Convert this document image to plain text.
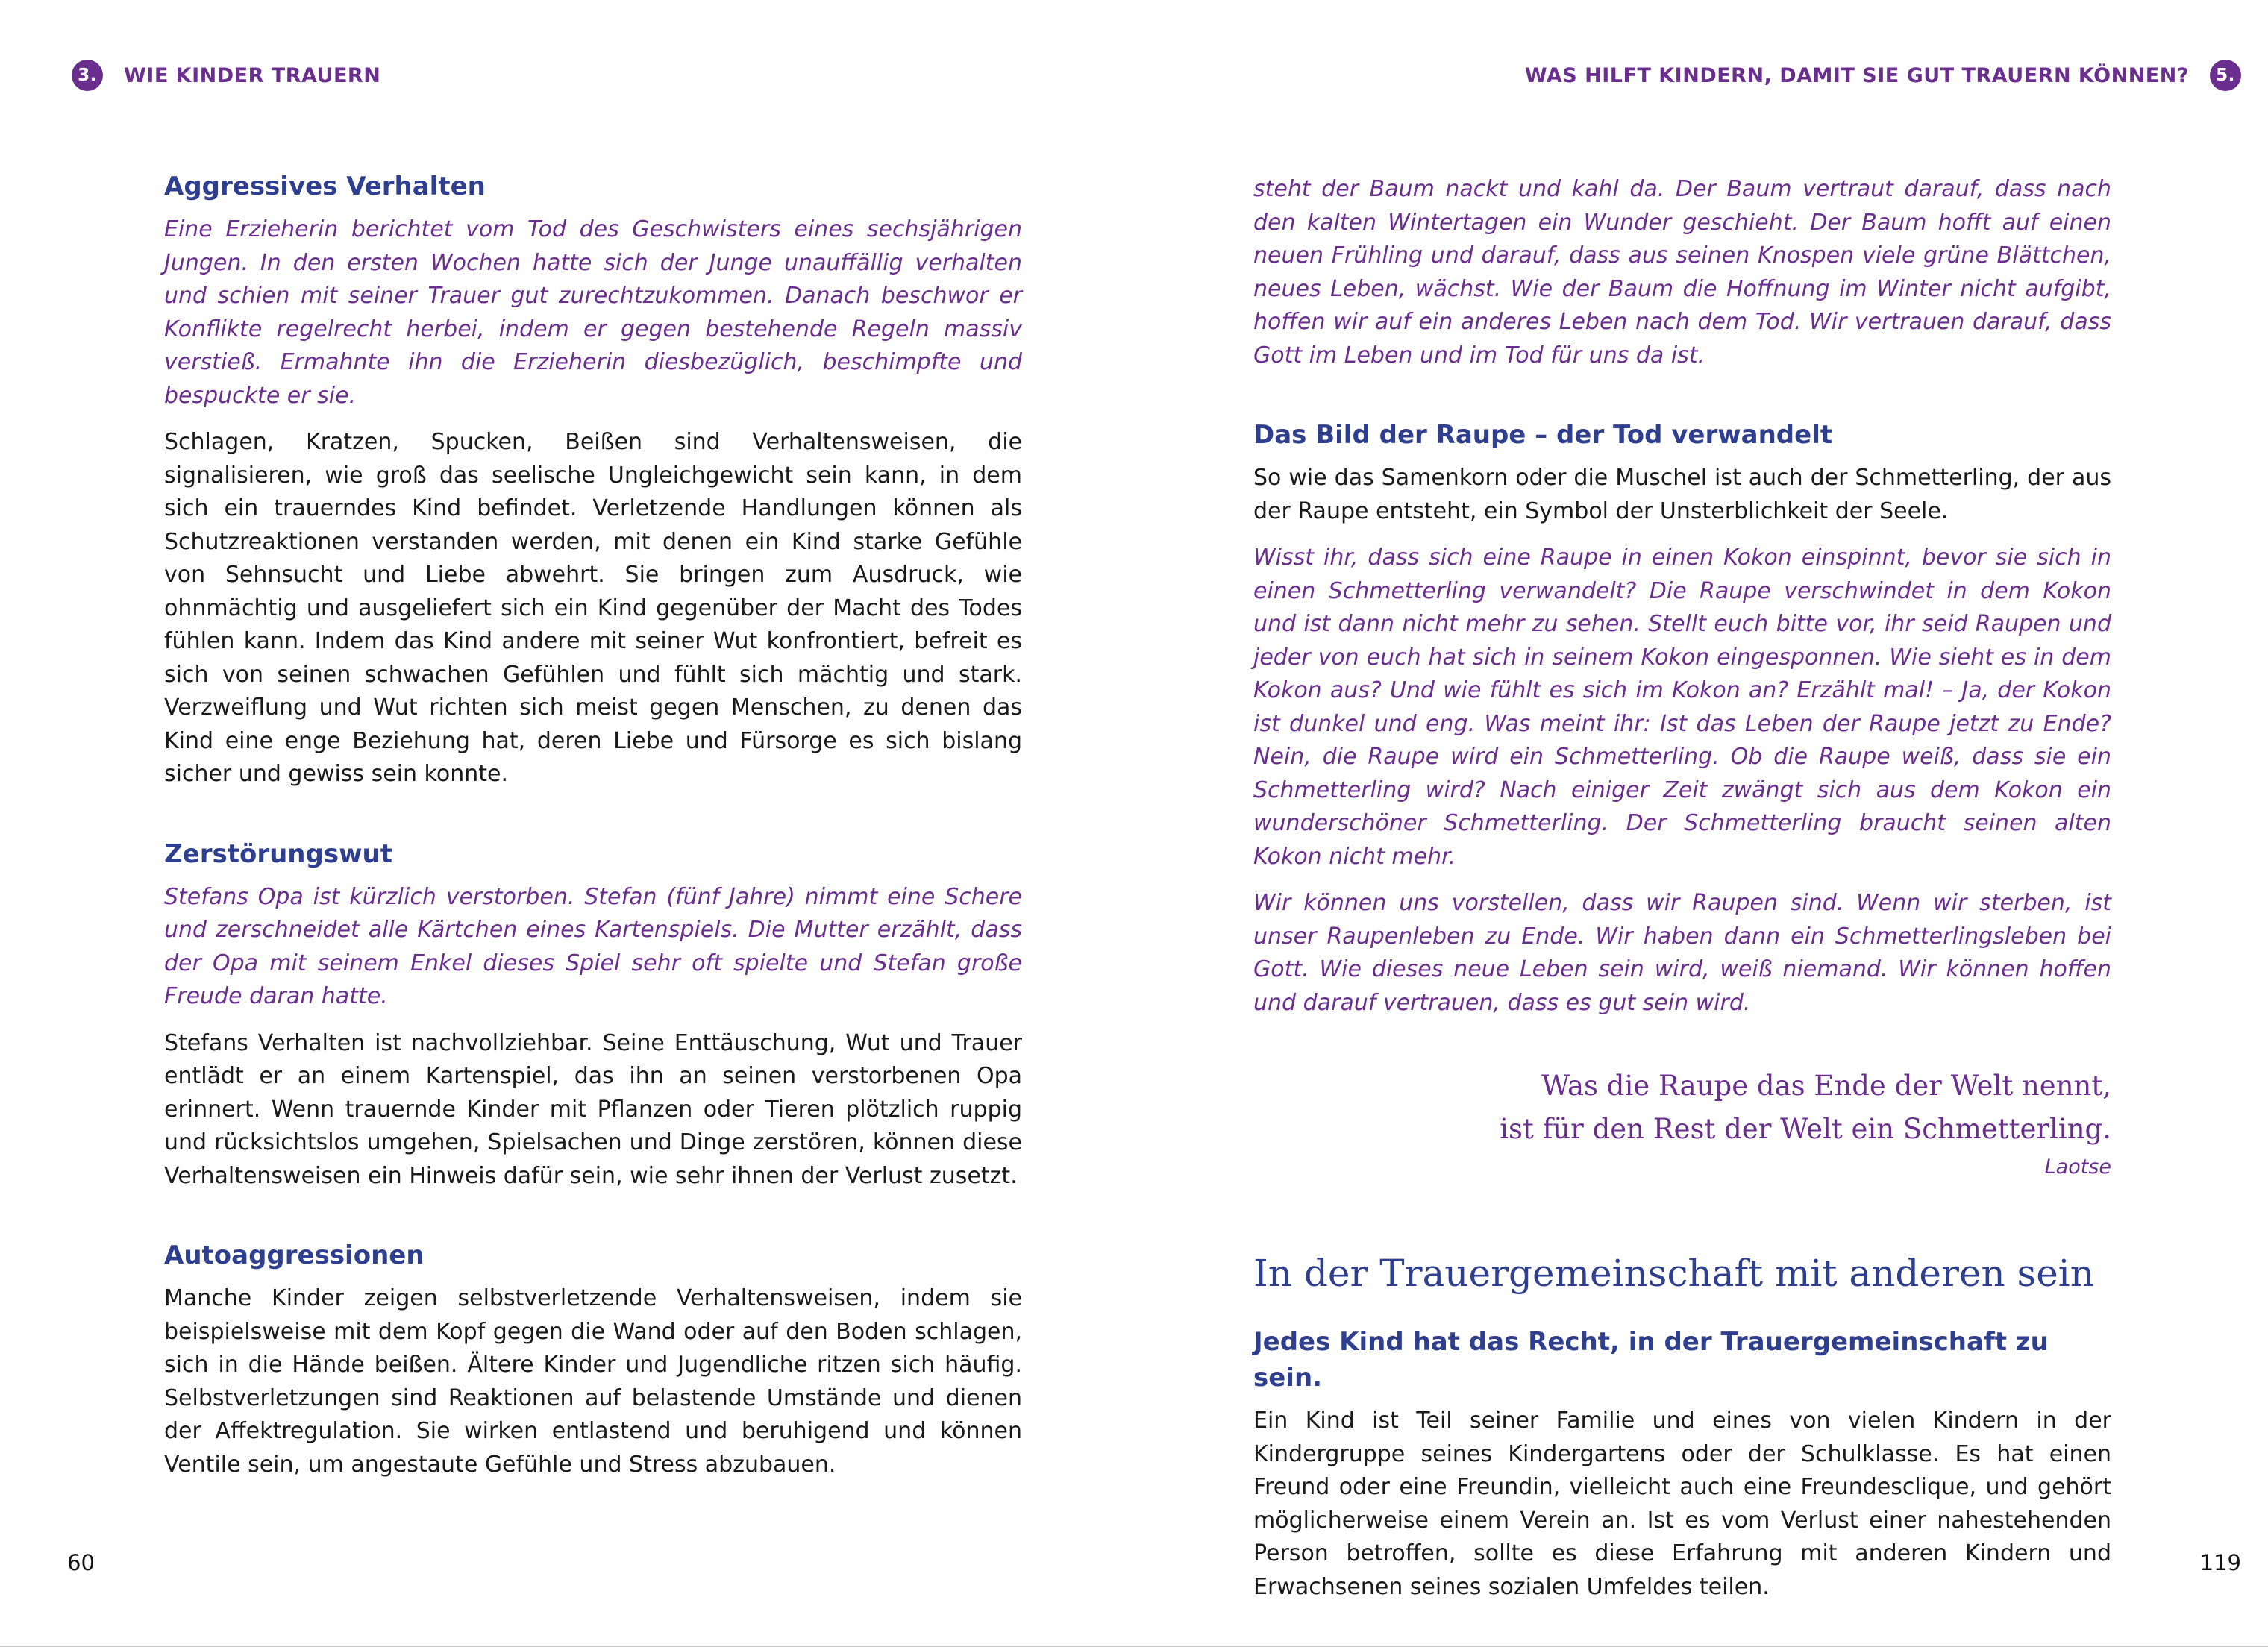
3.	WIE KINDER TRAUERN
Aggressives Verhalten

Eine Erzieherin berichtet vom Tod des Geschwisters eines sechsjährigen Jungen. In den ersten Wochen hatte sich der Junge unauffällig verhalten und schien mit seiner Trauer gut zurechtzukommen. Danach beschwor er Konflikte regelrecht herbei, indem er gegen bestehende Regeln massiv verstieß. Ermahnte ihn die Erzieherin diesbezüglich, beschimpfte und bespuckte er sie.

Schlagen, Kratzen, Spucken, Beißen sind Verhaltensweisen, die signalisieren, wie groß das seelische Ungleichgewicht sein kann, in dem sich ein trauerndes Kind befindet. Verletzende Handlungen können als Schutzreaktionen verstanden werden, mit denen ein Kind starke Gefühle von Sehnsucht und Liebe abwehrt. Sie bringen zum Ausdruck, wie ohnmächtig und ausgeliefert sich ein Kind gegenüber der Macht des Todes fühlen kann. Indem das Kind andere mit seiner Wut konfrontiert, befreit es sich von seinen schwachen Gefühlen und fühlt sich mächtig und stark. Verzweiflung und Wut richten sich meist gegen Menschen, zu denen das Kind eine enge Beziehung hat, deren Liebe und Fürsorge es sich bislang sicher und gewiss sein konnte.

Zerstörungswut

Stefans Opa ist kürzlich verstorben. Stefan (fünf Jahre) nimmt eine Schere und zerschneidet alle Kärtchen eines Kartenspiels. Die Mutter erzählt, dass der Opa mit seinem Enkel dieses Spiel sehr oft spielte und Stefan große Freude daran hatte.

Stefans Verhalten ist nachvollziehbar. Seine Enttäuschung, Wut und Trauer entlädt er an einem Kartenspiel, das ihn an seinen verstorbenen Opa erinnert. Wenn trauernde Kinder mit Pflanzen oder Tieren plötzlich ruppig und rücksichtslos umgehen, Spielsachen und Dinge zerstören, können diese Verhaltensweisen ein Hinweis dafür sein, wie sehr ihnen der Verlust zusetzt.

Autoaggressionen

Manche Kinder zeigen selbstverletzende Verhaltensweisen, indem sie beispielsweise mit dem Kopf gegen die Wand oder auf den Boden schlagen, sich in die Hände beißen. Ältere Kinder und Jugendliche ritzen sich häufig. Selbstverletzungen sind Reaktionen auf belastende Umstände und dienen der Affektregulation. Sie wirken entlastend und beruhigend und können Ventile sein, um angestaute Gefühle und Stress abzubauen.

60
WAS HILFT KINDERN, DAMIT SIE GUT TRAUERN KÖNNEN?	5.

steht der Baum nackt und kahl da. Der Baum vertraut darauf, dass nach den kalten Wintertagen ein Wunder geschieht. Der Baum hofft auf einen neuen Frühling und darauf, dass aus seinen Knospen viele grüne Blättchen, neues Leben, wächst. Wie der Baum die Hoffnung im Winter nicht aufgibt, hoffen wir auf ein anderes Leben nach dem Tod. Wir vertrauen darauf, dass Gott im Leben und im Tod für uns da ist.

Das Bild der Raupe – der Tod verwandelt

So wie das Samenkorn oder die Muschel ist auch der Schmetterling, der aus der Raupe entsteht, ein Symbol der Unsterblichkeit der Seele.

Wisst ihr, dass sich eine Raupe in einen Kokon einspinnt, bevor sie sich in einen Schmetterling verwandelt? Die Raupe verschwindet in dem Kokon und ist dann nicht mehr zu sehen. Stellt euch bitte vor, ihr seid Raupen und jeder von euch hat sich in seinem Kokon eingesponnen. Wie sieht es in dem Kokon aus? Und wie fühlt es sich im Kokon an? Erzählt mal! – Ja, der Kokon ist dunkel und eng. Was meint ihr: Ist das Leben der Raupe jetzt zu Ende? Nein, die Raupe wird ein Schmetterling. Ob die Raupe weiß, dass sie ein Schmetterling wird? Nach einiger Zeit zwängt sich aus dem Kokon ein wunderschöner Schmetterling. Der Schmetterling braucht seinen alten Kokon nicht mehr.

Wir können uns vorstellen, dass wir Raupen sind. Wenn wir sterben, ist unser Raupenleben zu Ende. Wir haben dann ein Schmetterlingsleben bei Gott. Wie dieses neue Leben sein wird, weiß niemand. Wir können hoffen und darauf vertrauen, dass es gut sein wird.

Was die Raupe das Ende der Welt nennt,
ist für den Rest der Welt ein Schmetterling.
Laotse
In der Trauergemeinschaft mit anderen sein
Jedes Kind hat das Recht, in der Trauergemeinschaft zu sein.

Ein Kind ist Teil seiner Familie und eines von vielen Kindern in der Kindergruppe seines Kindergartens oder der Schulklasse. Es hat einen Freund oder eine Freundin, vielleicht auch eine Freundesclique, und gehört möglicherweise einem Verein an. Ist es vom Verlust einer nahestehenden Person betroffen, sollte es diese Erfahrung mit anderen Kindern und Erwachsenen seines sozialen Umfeldes teilen.

119
